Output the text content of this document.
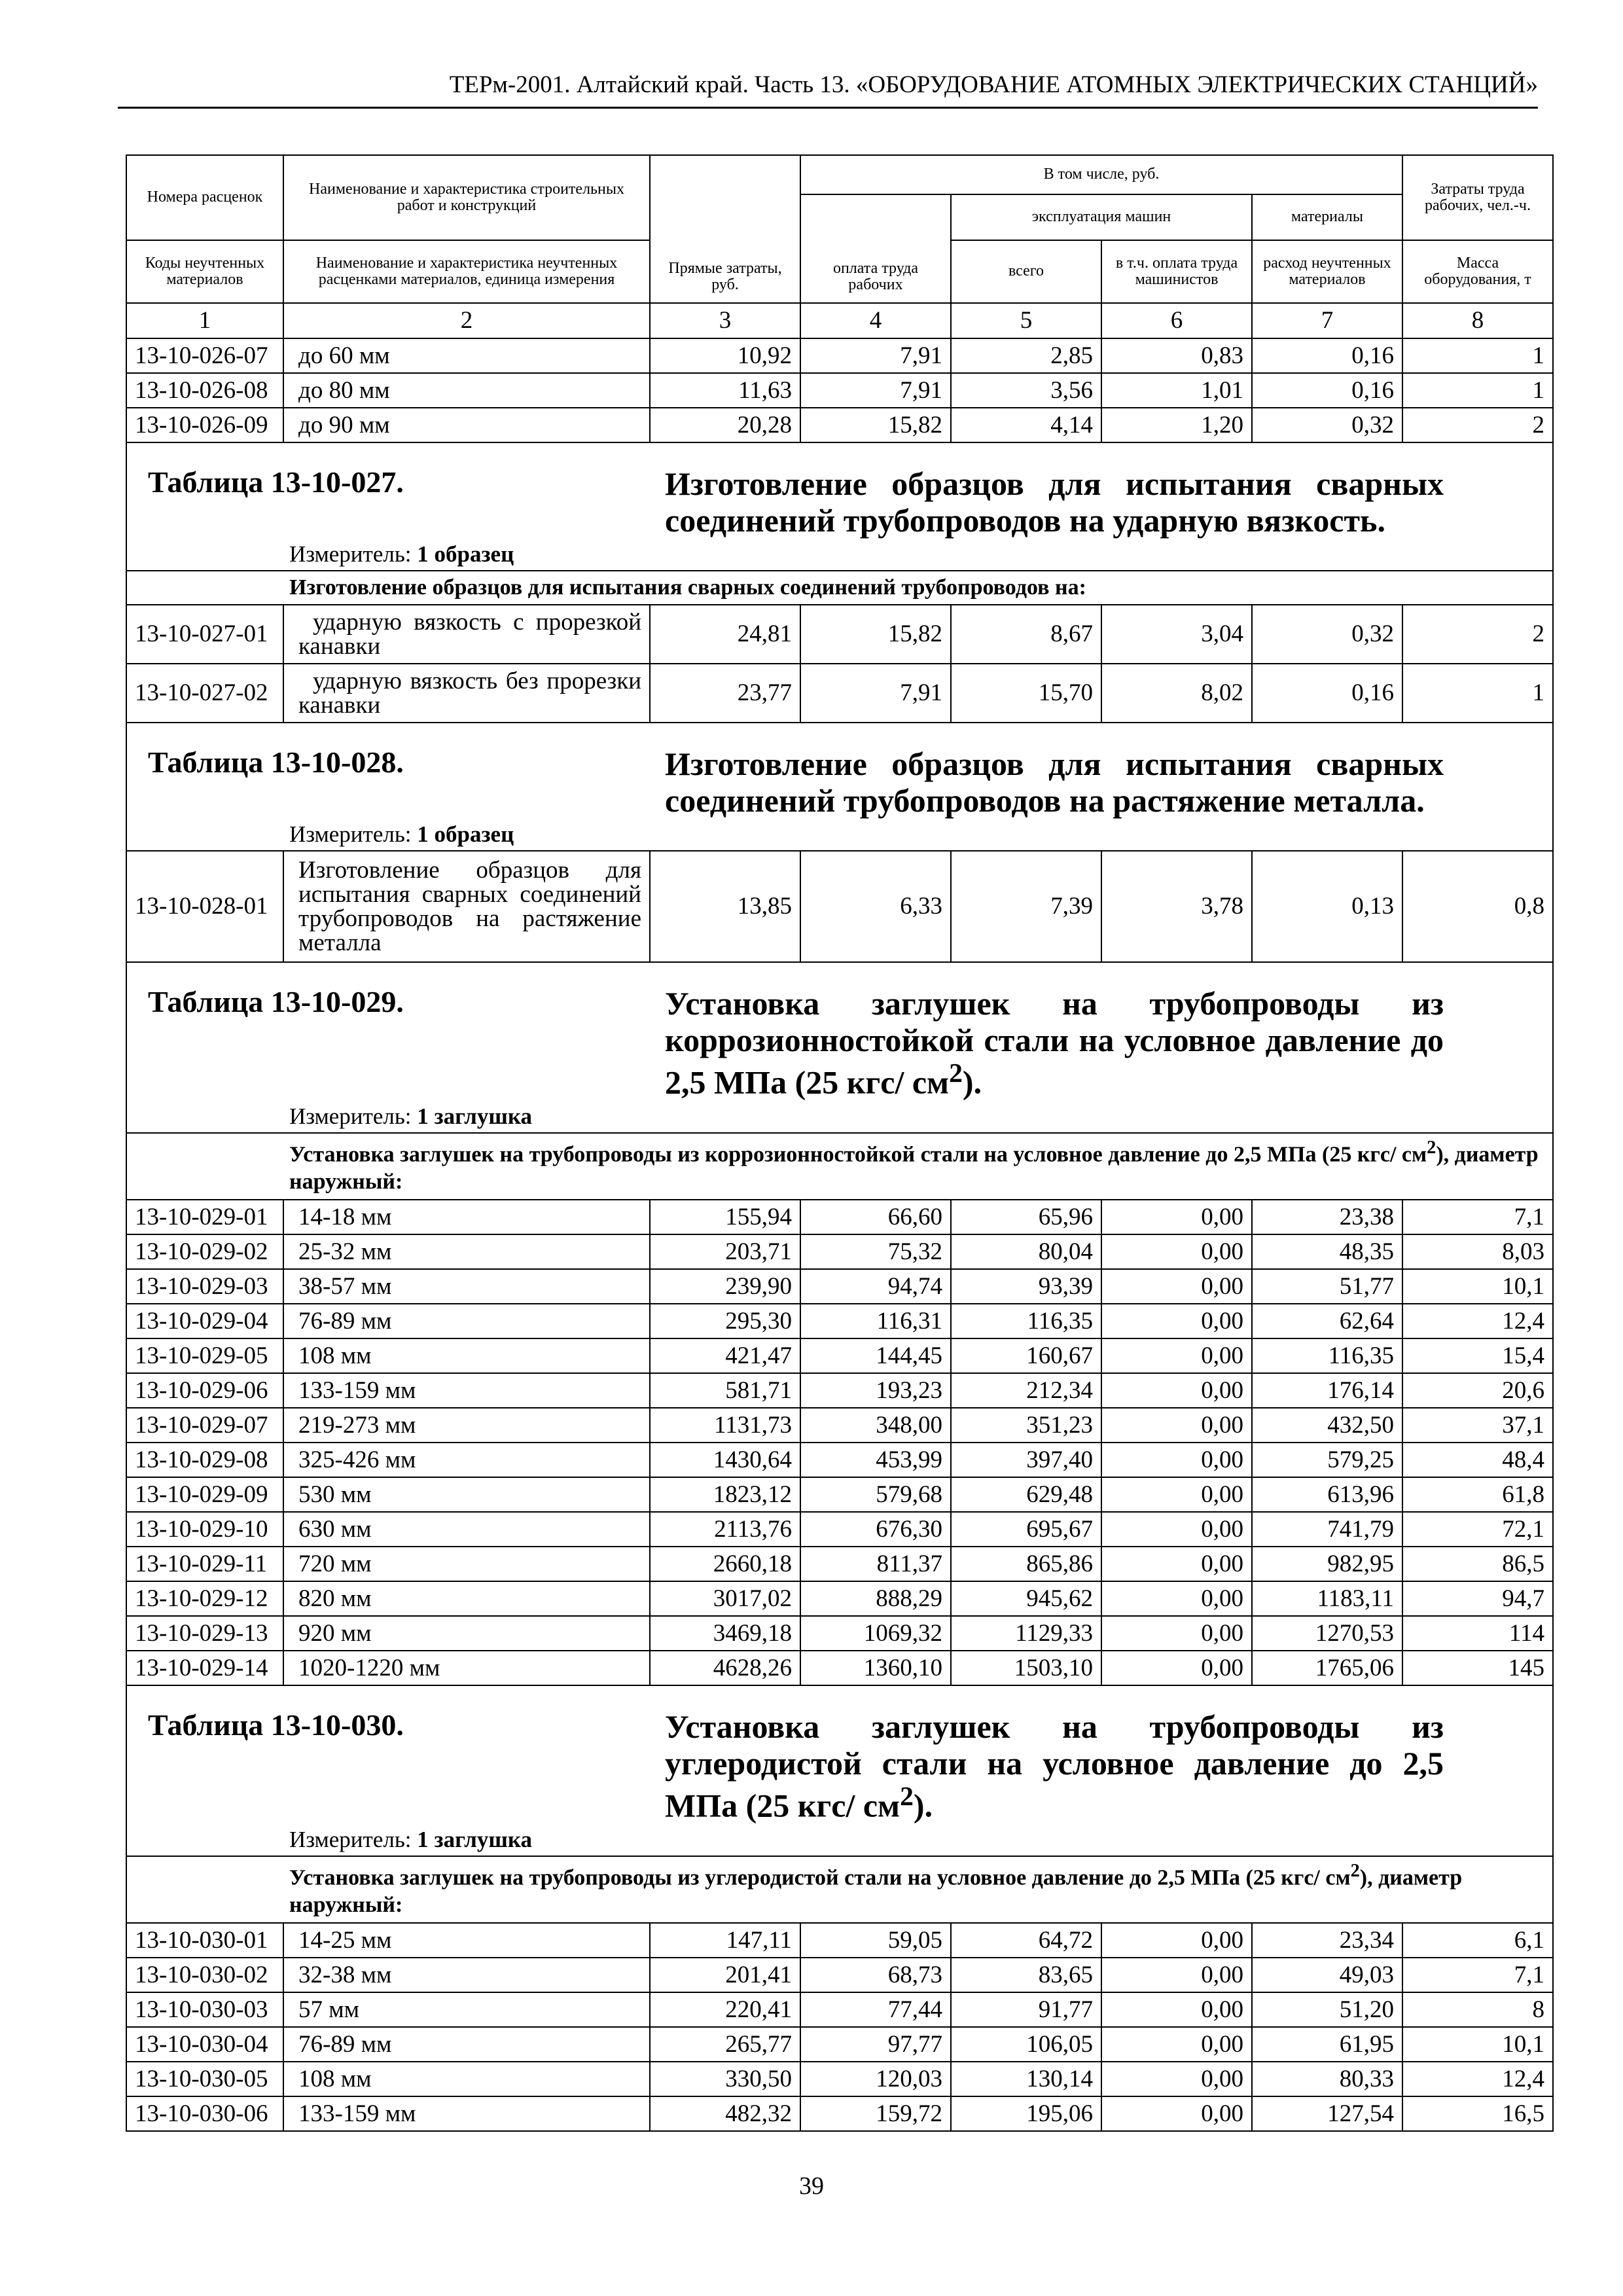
ТЕРм-2001. Алтайский край. Часть 13. «ОБОРУДОВАНИЕ АТОМНЫХ ЭЛЕКТРИЧЕСКИХ СТАНЦИЙ»
Номера расценок	Наименование и характеристика строительных работ и конструкций	Прямые затраты, руб.	В том числе, руб.				Затраты труда рабочих, чел.-ч.
			оплата труда рабочих	эксплуатация машин		материалы	
Коды неучтенных материалов	Наименование и характеристика неучтенных расценками материалов, единица измерения			всего	в т.ч. оплата труда машинистов	расход неучтенных материалов	Масса оборудования, т
1	2	3	4	5	6	7	8
13-10-026-07	до 60 мм	10,92	7,91	2,85	0,83	0,16	1
13-10-026-08	до 80 мм	11,63	7,91	3,56	1,01	0,16	1
13-10-026-09	до 90 мм	20,28	15,82	4,14	1,20	0,32	2

Таблица 13-10-027. Изготовление образцов для испытания сварных соединений трубопроводов на ударную вязкость.							

Измеритель: 1 образец							
Изготовление образцов для испытания сварных соединений трубопроводов на:							
13-10-027-01	ударную вязкость с прорезкой канавки	24,81	15,82	8,67	3,04	0,32	2
13-10-027-02	ударную вязкость без прорезки канавки	23,77	7,91	15,70	8,02	0,16	1

Таблица 13-10-028. Изготовление образцов для испытания сварных соединений трубопроводов на растяжение металла.							

Измеритель: 1 образец							
13-10-028-01	Изготовление образцов для испытания сварных соединений трубопроводов на растяжение металла	13,85	6,33	7,39	3,78	0,13	0,8

Таблица 13-10-029. Установка заглушек на трубопроводы из коррозионностойкой стали на условное давление до 2,5 МПа (25 кгс/ $см^2$).							

Измеритель: 1 заглушка							
Установка заглушек на трубопроводы из коррозионностойкой стали на условное давление до 2,5 МПа (25 кгс/ $см^2$), диаметр наружный:							
13-10-029-01	14-18 мм	155,94	66,60	65,96	0,00	23,38	7,1
13-10-029-02	25-32 мм	203,71	75,32	80,04	0,00	48,35	8,03
13-10-029-03	38-57 мм	239,90	94,74	93,39	0,00	51,77	10,1
13-10-029-04	76-89 мм	295,30	116,31	116,35	0,00	62,64	12,4
13-10-029-05	108 мм	421,47	144,45	160,67	0,00	116,35	15,4
13-10-029-06	133-159 мм	581,71	193,23	212,34	0,00	176,14	20,6
13-10-029-07	219-273 мм	1131,73	348,00	351,23	0,00	432,50	37,1
13-10-029-08	325-426 мм	1430,64	453,99	397,40	0,00	579,25	48,4
13-10-029-09	530 мм	1823,12	579,68	629,48	0,00	613,96	61,8
13-10-029-10	630 мм	2113,76	676,30	695,67	0,00	741,79	72,1
13-10-029-11	720 мм	2660,18	811,37	865,86	0,00	982,95	86,5
13-10-029-12	820 мм	3017,02	888,29	945,62	0,00	1183,11	94,7
13-10-029-13	920 мм	3469,18	1069,32	1129,33	0,00	1270,53	114
13-10-029-14	1020-1220 мм	4628,26	1360,10	1503,10	0,00	1765,06	145

Таблица 13-10-030. Установка заглушек на трубопроводы из углеродистой стали на условное давление до 2,5 МПа (25 кгс/ $см^2$).							

Измеритель: 1 заглушка							
Установка заглушек на трубопроводы из углеродистой стали на условное давление до 2,5 МПа (25 кгс/ $см^2$), диаметр наружный:							
13-10-030-01	14-25 мм	147,11	59,05	64,72	0,00	23,34	6,1
13-10-030-02	32-38 мм	201,41	68,73	83,65	0,00	49,03	7,1
13-10-030-03	57 мм	220,41	77,44	91,77	0,00	51,20	8
13-10-030-04	76-89 мм	265,77	97,77	106,05	0,00	61,95	10,1
13-10-030-05	108 мм	330,50	120,03	130,14	0,00	80,33	12,4
13-10-030-06	133-159 мм	482,32	159,72	195,06	0,00	127,54	16,5
39
